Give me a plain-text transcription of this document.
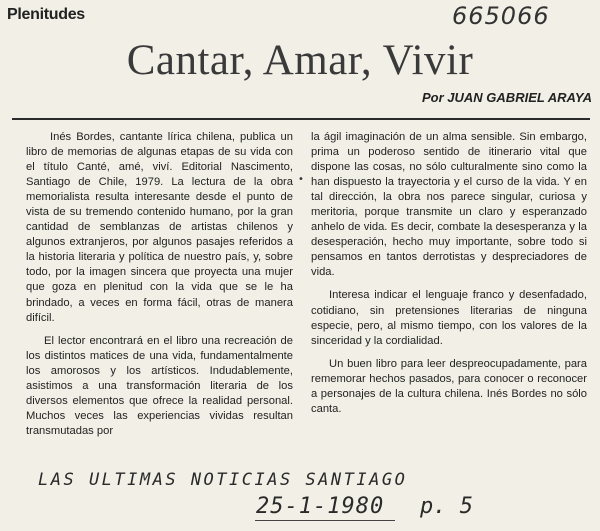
Plenitudes	665066
Cantar, Amar, Vivir
Por JUAN GABRIEL ARAYA

Inés Bordes, cantante lírica chilena, publica un libro de memorias de algunas etapas de su vida con el título Canté, amé, viví. Editorial Nascimento, Santiago de Chile, 1979. La lectura de la obra memorialista resulta interesante desde el punto de vista de su tremendo contenido humano, por la gran cantidad de semblanzas de artistas chilenos y algunos extranjeros, por algunos pasajes referidos a la historia literaria y política de nuestro país, y, sobre todo, por la imagen sincera que proyecta una mujer que goza en plenitud con la vida que se le ha brindado, a veces en forma fácil, otras de manera difícil.

El lector encontrará en el libro una recreación de los distintos matices de una vida, fundamentalmente los amorosos y los artísticos. Indudablemente, asistimos a una transformación literaria de los diversos elementos que ofrece la realidad personal. Muchos veces las experiencias vividas resultan transmutadas por

•

la ágil imaginación de un alma sensible. Sin embargo, prima un poderoso sentido de itinerario vital que dispone las cosas, no sólo culturalmente sino como la han dispuesto la trayectoria y el curso de la vida. Y en tal dirección, la obra nos parece singular, curiosa y meritoria, porque transmite un claro y esperanzado anhelo de vida. Es decir, combate la desesperanza y la desesperación, hecho muy importante, sobre todo si pensamos en tantos derrotistas y despreciadores de vida.

Interesa indicar el lenguaje franco y desenfadado, cotidiano, sin pretensiones literarias de ninguna especie, pero, al mismo tiempo, con los valores de la sinceridad y la cordialidad.

Un buen libro para leer despreocupadamente, para rememorar hechos pasados, para conocer o reconocer a personajes de la cultura chilena. Inés Bordes no sólo canta.

LAS ULTIMAS NOTICIAS SANTIAGO
25-1-1980 p. 5
